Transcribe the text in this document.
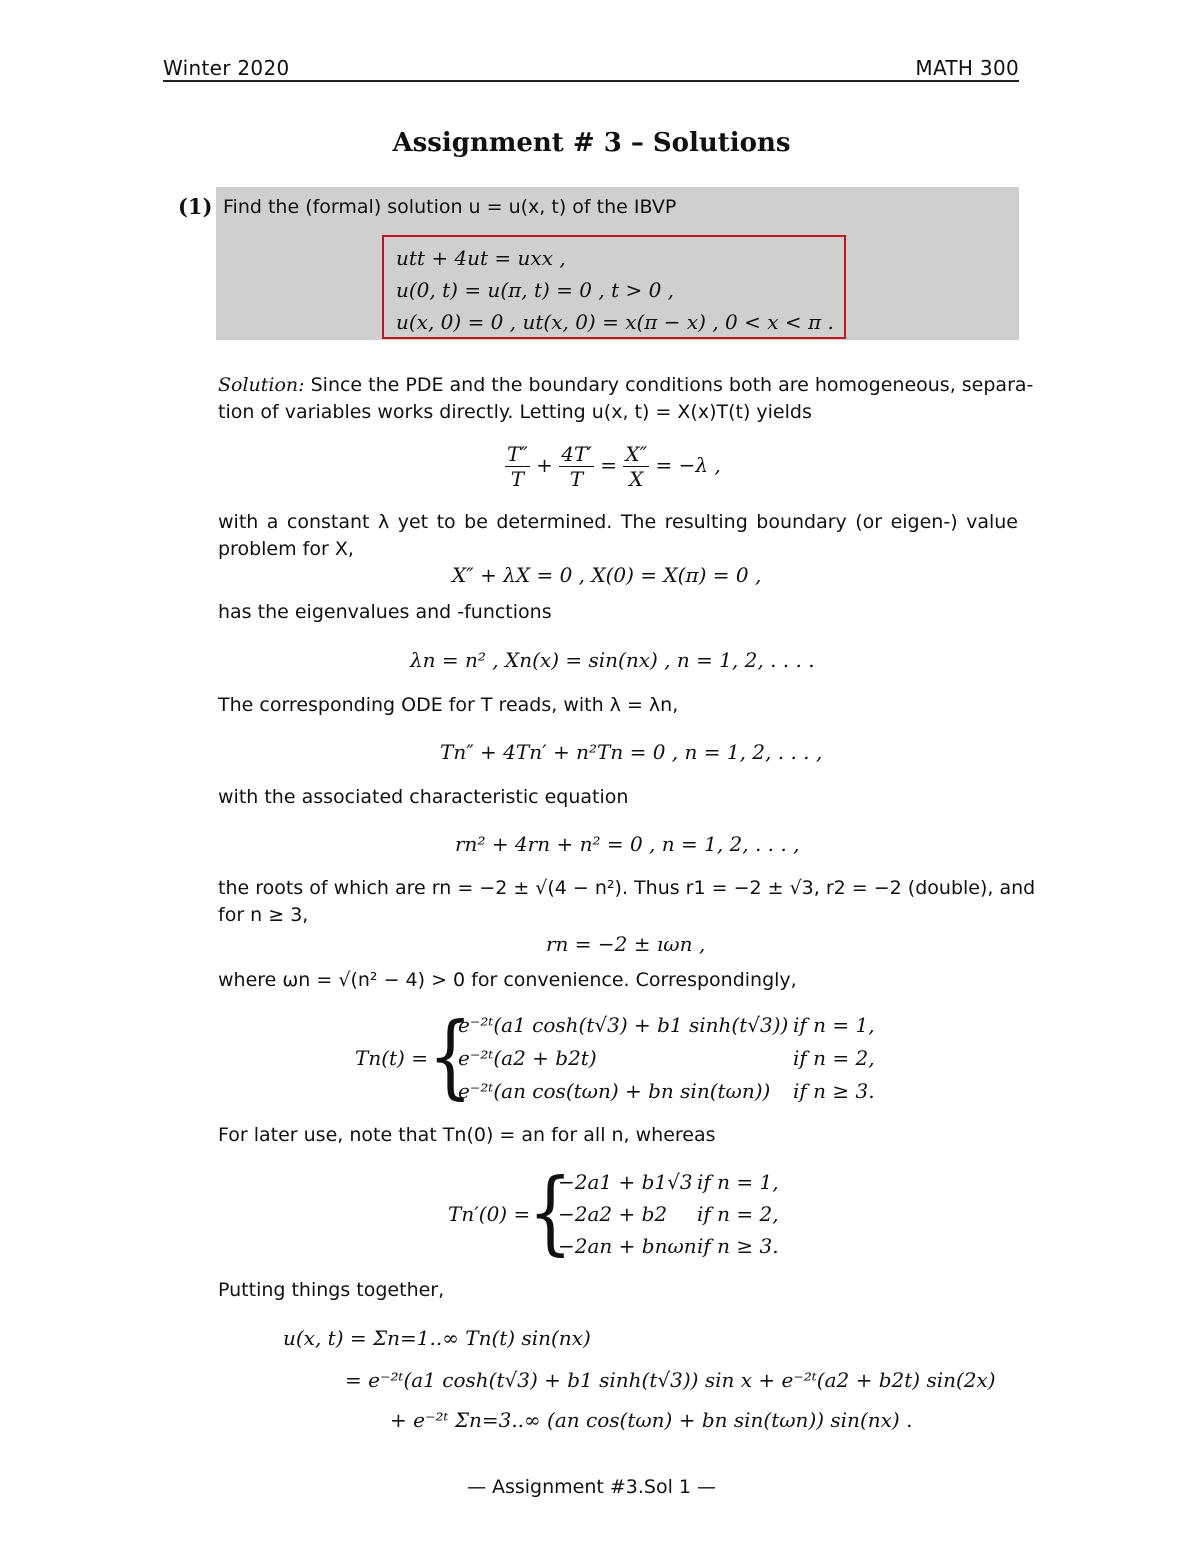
Winter 2020	MATH 300
Assignment # 3 – Solutions
(1) Find the (formal) solution u = u(x, t) of the IBVP
utt + 4ut = uxx ,
u(0, t) = u(π, t) = 0 , t > 0 ,
u(x, 0) = 0 , ut(x, 0) = x(π − x) , 0 < x < π .
Solution: Since the PDE and the boundary conditions both are homogeneous, separa-
tion of variables works directly. Letting u(x, t) = X(x)T(t) yields
$\frac{T''}{T} + \frac{4T'}{T} = \frac{X''}{X} = -\lambda$ ,
with a constant λ yet to be determined. The resulting boundary (or eigen-) value
problem for X,
X″ + λX = 0 , X(0) = X(π) = 0 ,
has the eigenvalues and -functions
λn = n² , Xn(x) = sin(nx) , n = 1, 2, . . . .
The corresponding ODE for T reads, with λ = λn,
Tn″ + 4Tn′ + n²Tn = 0 , n = 1, 2, . . . ,
with the associated characteristic equation
rn² + 4rn + n² = 0 , n = 1, 2, . . . ,
the roots of which are rn = −2 ± √(4 − n²). Thus r1 = −2 ± √3, r2 = −2 (double), and
for n ≥ 3,
rn = −2 ± ıωn ,
where ωn = √(n² − 4) > 0 for convenience. Correspondingly,
Tn(t) = {
e⁻²ᵗ(a1 cosh(t√3) + b1 sinh(t√3)) if n = 1,
e⁻²ᵗ(a2 + b2t)	if n = 2,
e⁻²ᵗ(an cos(tωn) + bn sin(tωn)) if n ≥ 3.
For later use, note that Tn(0) = an for all n, whereas
Tn′(0) =
{
−2a1 + b1√3 if n = 1,
−2a2 + b2 if n = 2,
−2an + bnωn if n ≥ 3.
Putting things together,
u(x, t) = Σn=1..∞ Tn(t) sin(nx)
= e⁻²ᵗ(a1 cosh(t√3) + b1 sinh(t√3)) sin x + e⁻²ᵗ(a2 + b2t) sin(2x)
+ e⁻²ᵗ Σn=3..∞ (an cos(tωn) + bn sin(tωn)) sin(nx) .
— Assignment #3.Sol 1 —
